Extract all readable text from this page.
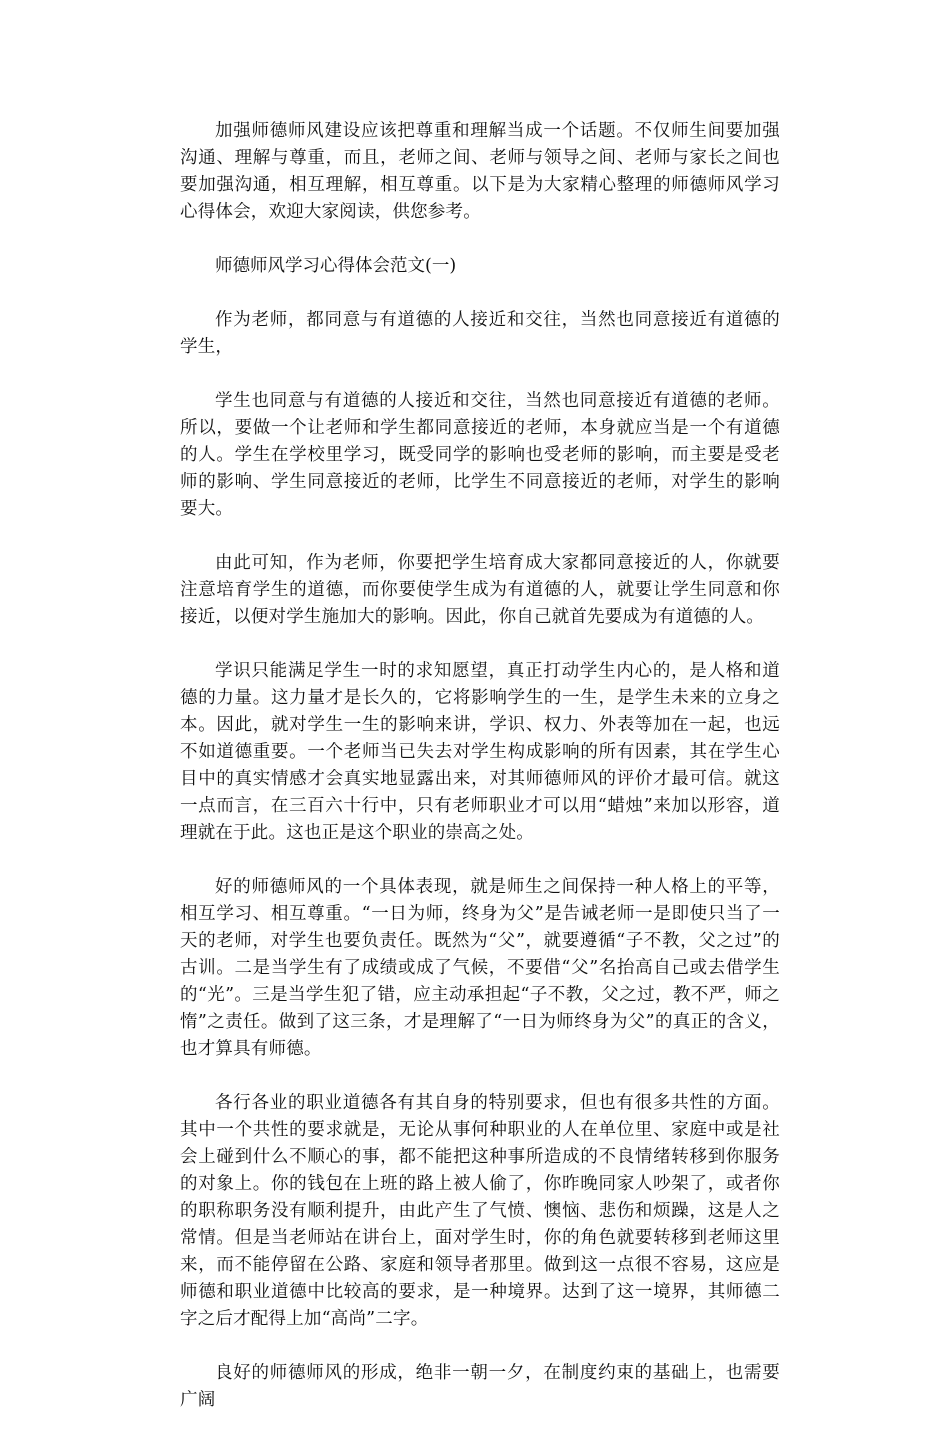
加强师德师风建设应该把尊重和理解当成一个话题。不仅师生间要加强沟通、理解与尊重，而且，老师之间、老师与领导之间、老师与家长之间也要加强沟通，相互理解，相互尊重。以下是为大家精心整理的师德师风学习心得体会，欢迎大家阅读，供您参考。

师德师风学习心得体会范文(一)

作为老师，都同意与有道德的人接近和交往，当然也同意接近有道德的学生，

学生也同意与有道德的人接近和交往，当然也同意接近有道德的老师。所以，要做一个让老师和学生都同意接近的老师，本身就应当是一个有道德的人。学生在学校里学习，既受同学的影响也受老师的影响，而主要是受老师的影响、学生同意接近的老师，比学生不同意接近的老师，对学生的影响要大。

由此可知，作为老师，你要把学生培育成大家都同意接近的人，你就要注意培育学生的道德，而你要使学生成为有道德的人，就要让学生同意和你接近，以便对学生施加大的影响。因此，你自己就首先要成为有道德的人。

学识只能满足学生一时的求知愿望，真正打动学生内心的，是人格和道德的力量。这力量才是长久的，它将影响学生的一生，是学生未来的立身之本。因此，就对学生一生的影响来讲，学识、权力、外表等加在一起，也远不如道德重要。一个老师当已失去对学生构成影响的所有因素，其在学生心目中的真实情感才会真实地显露出来，对其师德师风的评价才最可信。就这一点而言，在三百六十行中，只有老师职业才可以用“蜡烛”来加以形容，道理就在于此。这也正是这个职业的崇高之处。

好的师德师风的一个具体表现，就是师生之间保持一种人格上的平等，相互学习、相互尊重。“一日为师，终身为父”是告诫老师一是即使只当了一天的老师，对学生也要负责任。既然为“父”，就要遵循“子不教，父之过”的古训。二是当学生有了成绩或成了气候，不要借“父”名抬高自己或去借学生的“光”。三是当学生犯了错，应主动承担起“子不教，父之过，教不严，师之惰”之责任。做到了这三条，才是理解了“一日为师终身为父”的真正的含义，也才算具有师德。

各行各业的职业道德各有其自身的特别要求，但也有很多共性的方面。其中一个共性的要求就是，无论从事何种职业的人在单位里、家庭中或是社会上碰到什么不顺心的事，都不能把这种事所造成的不良情绪转移到你服务的对象上。你的钱包在上班的路上被人偷了，你昨晚同家人吵架了，或者你的职称职务没有顺利提升，由此产生了气愤、懊恼、悲伤和烦躁，这是人之常情。但是当老师站在讲台上，面对学生时，你的角色就要转移到老师这里来，而不能停留在公路、家庭和领导者那里。做到这一点很不容易，这应是师德和职业道德中比较高的要求，是一种境界。达到了这一境界，其师德二字之后才配得上加“高尚”二字。

良好的师德师风的形成，绝非一朝一夕，在制度约束的基础上，也需要广阔
